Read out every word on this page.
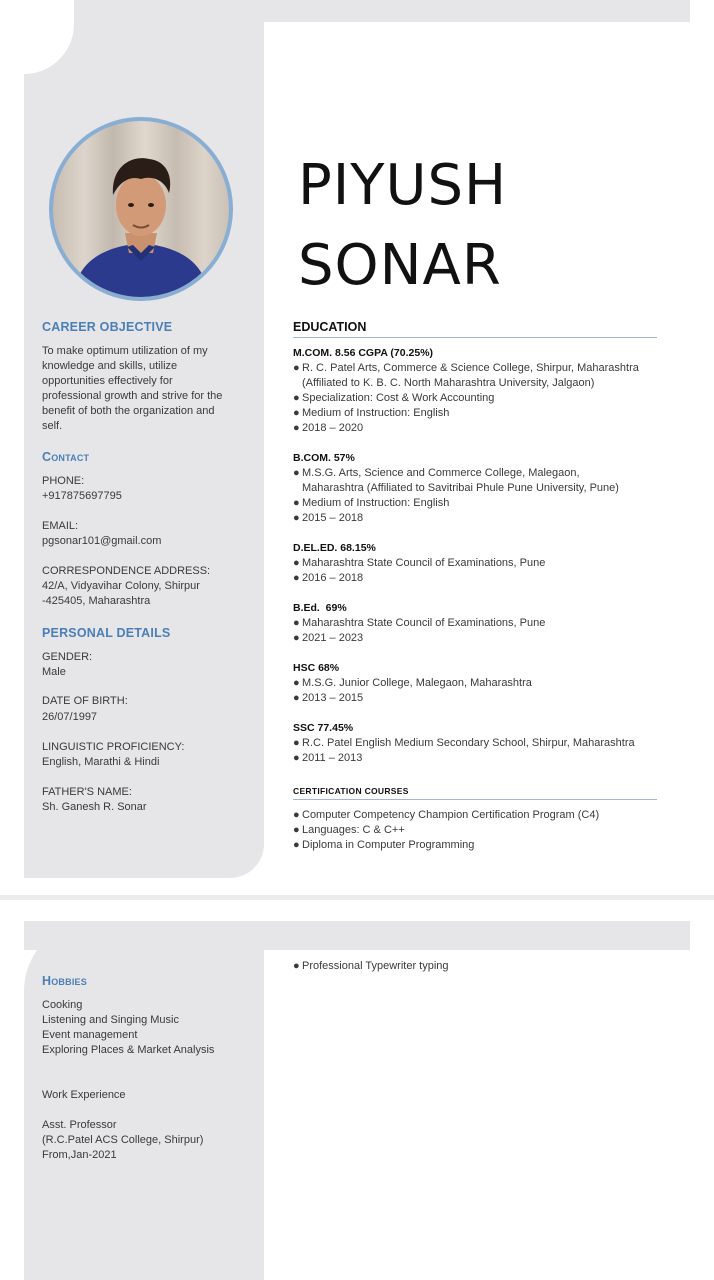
CAREER OBJECTIVE
To make optimum utilization of my
knowledge and skills, utilize
opportunities effectively for
professional growth and strive for the
benefit of both the organization and
self.
Contact
PHONE:
+917875697795
EMAIL:
pgsonar101@gmail.com
CORRESPONDENCE ADDRESS:
42/A, Vidyavihar Colony, Shirpur
-425405, Maharashtra
PERSONAL DETAILS
GENDER:
Male
DATE OF BIRTH:
26/07/1997
LINGUISTIC PROFICIENCY:
English, Marathi & Hindi
FATHER'S NAME:
Sh. Ganesh R. Sonar
PIYUSH
SONAR
EDUCATION
M.COM. 8.56 CGPA (70.25%)
● R. C. Patel Arts, Commerce & Science College, Shirpur, Maharashtra
(Affiliated to K. B. C. North Maharashtra University, Jalgaon)
● Specialization: Cost & Work Accounting
● Medium of Instruction: English
● 2018 – 2020
B.COM. 57%
● M.S.G. Arts, Science and Commerce College, Malegaon,
Maharashtra (Affiliated to Savitribai Phule Pune University, Pune)
● Medium of Instruction: English
● 2015 – 2018
D.EL.ED. 68.15%
● Maharashtra State Council of Examinations, Pune
● 2016 – 2018
B.Ed.  69%
● Maharashtra State Council of Examinations, Pune
● 2021 – 2023
HSC 68%
● M.S.G. Junior College, Malegaon, Maharashtra
● 2013 – 2015
SSC 77.45%
● R.C. Patel English Medium Secondary School, Shirpur, Maharashtra
● 2011 – 2013
CERTIFICATION COURSES
● Computer Competency Champion Certification Program (C4)
● Languages: C & C++
● Diploma in Computer Programming
● Professional Typewriter typing
Hobbies
Cooking
Listening and Singing Music
Event management
Exploring Places & Market Analysis
Work Experience
Asst. Professor
(R.C.Patel ACS College, Shirpur)
From,Jan-2021
